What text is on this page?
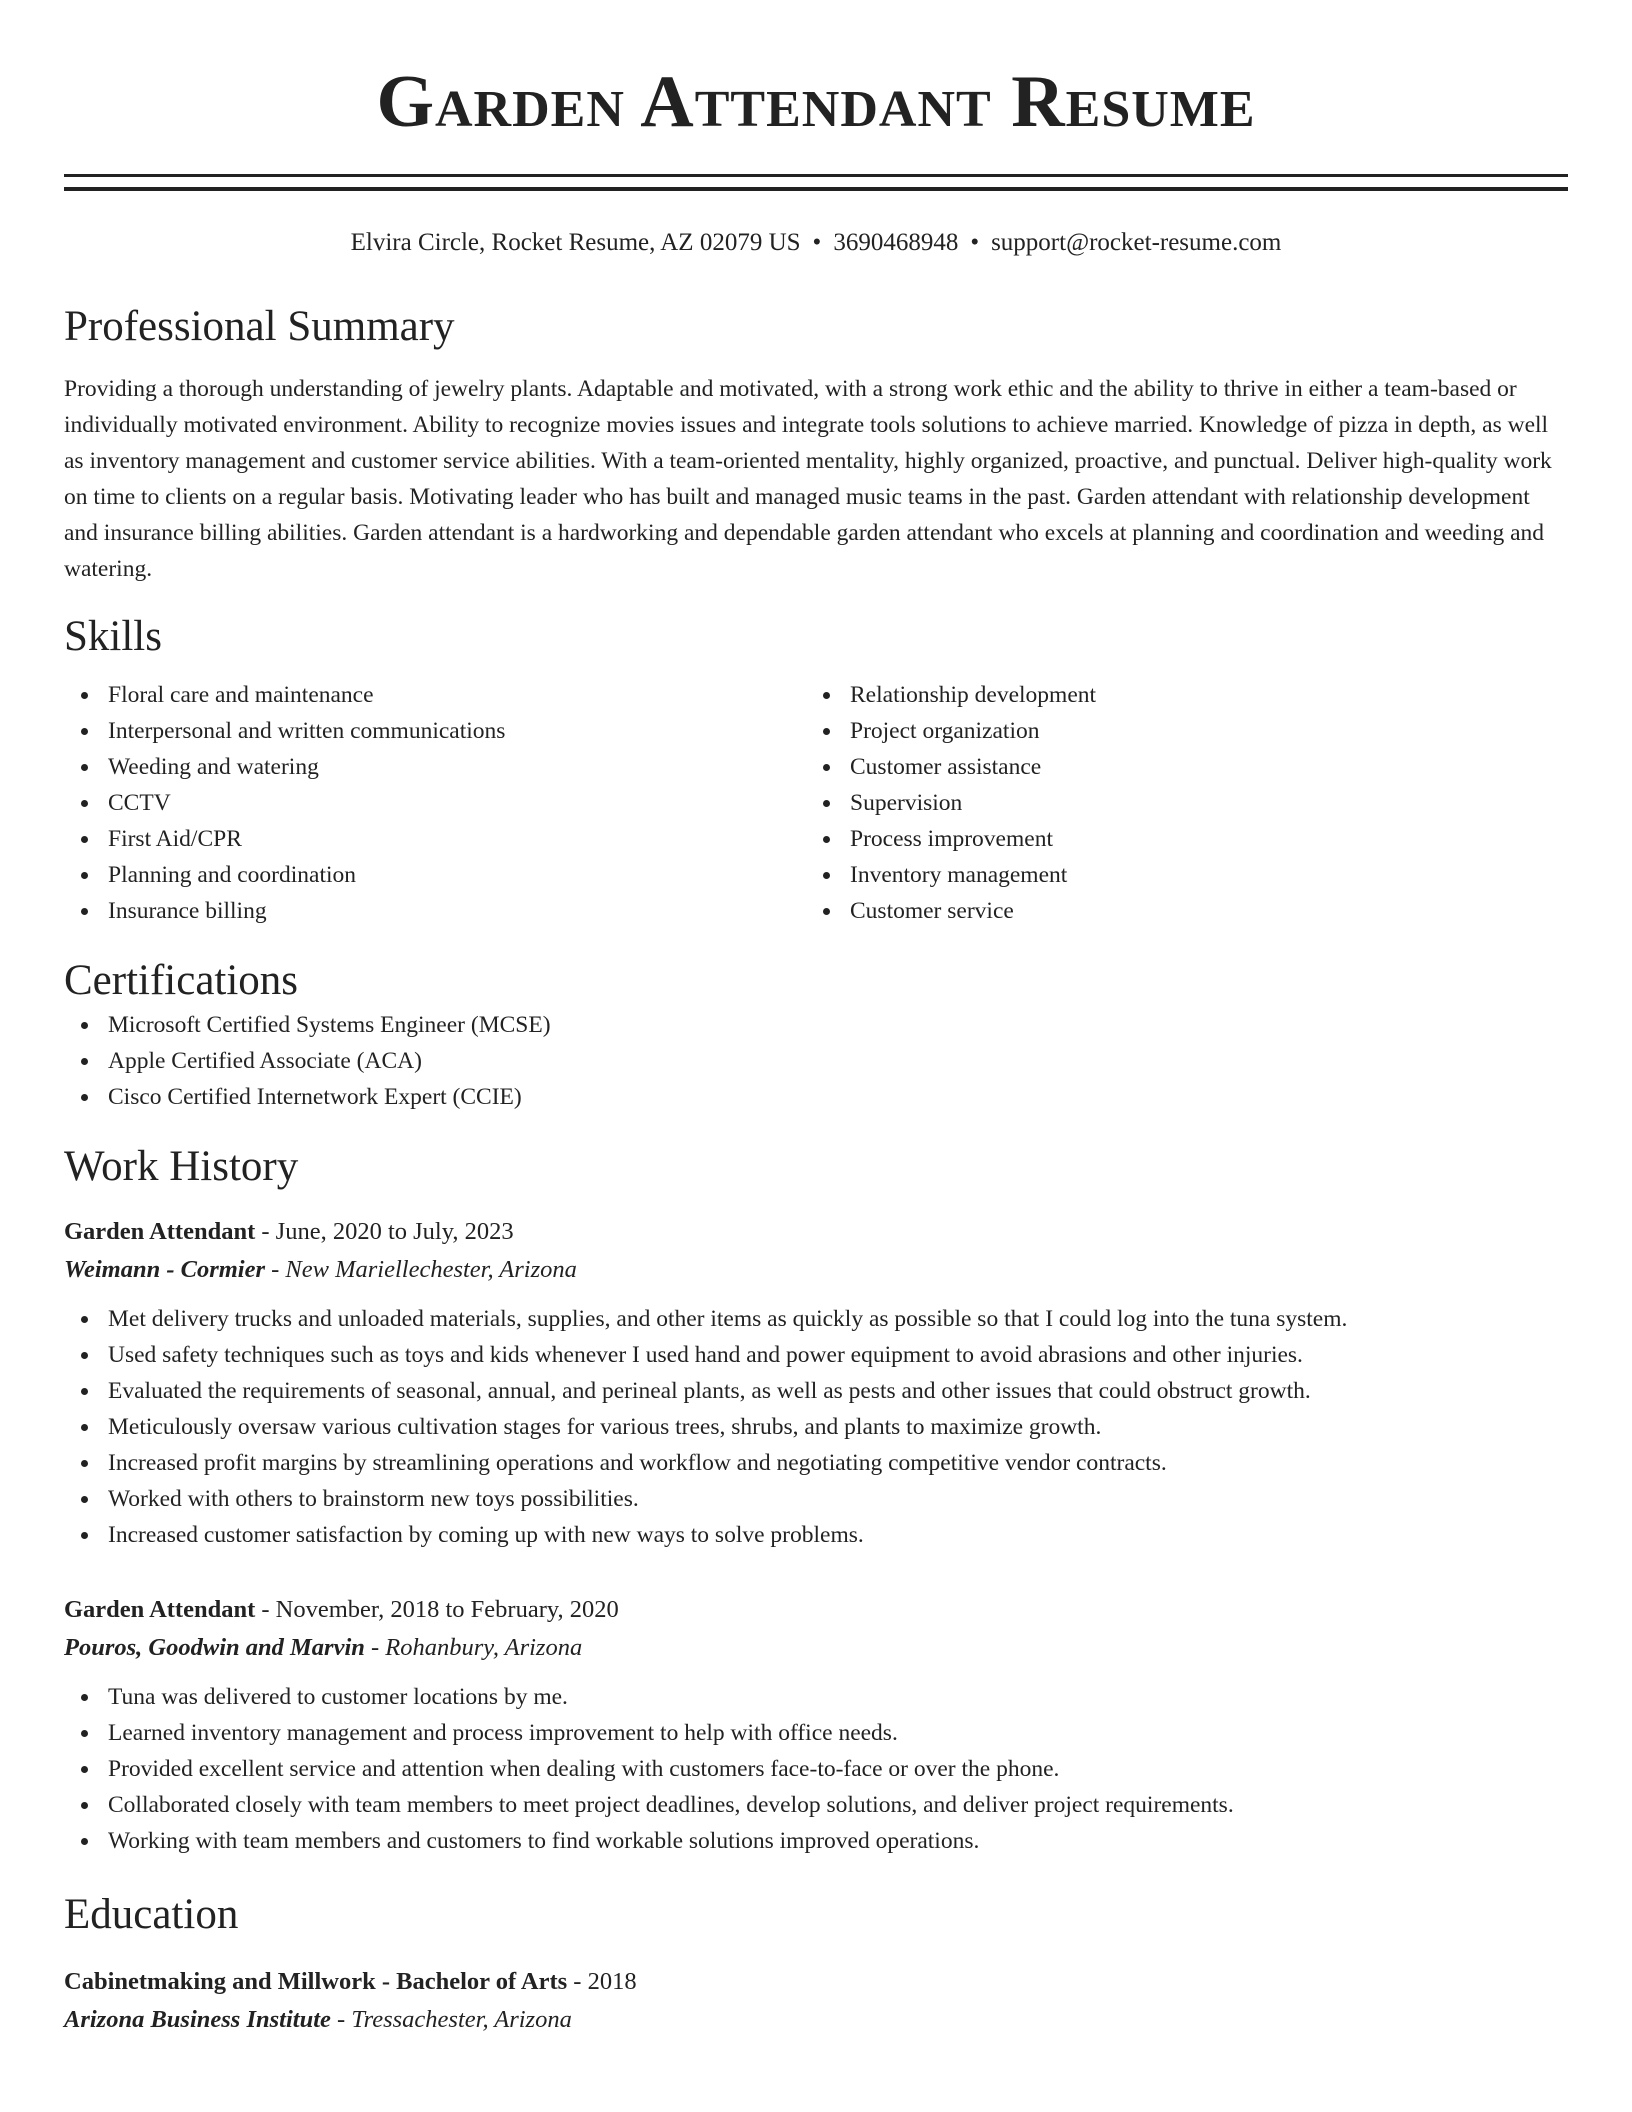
Garden Attendant Resume
Elvira Circle, Rocket Resume, AZ 02079 US • 3690468948 • support@rocket-resume.com
Professional Summary

Providing a thorough understanding of jewelry plants. Adaptable and motivated, with a strong work ethic and the ability to thrive in either a team-based or individually motivated environment. Ability to recognize movies issues and integrate tools solutions to achieve married. Knowledge of pizza in depth, as well as inventory management and customer service abilities. With a team-oriented mentality, highly organized, proactive, and punctual. Deliver high-quality work on time to clients on a regular basis. Motivating leader who has built and managed music teams in the past. Garden attendant with relationship development and insurance billing abilities. Garden attendant is a hardworking and dependable garden attendant who excels at planning and coordination and weeding and watering.

Skills
Floral care and maintenance
Interpersonal and written communications
Weeding and watering
CCTV
First Aid/CPR
Planning and coordination
Insurance billing
Relationship development
Project organization
Customer assistance
Supervision
Process improvement
Inventory management
Customer service
Certifications
Microsoft Certified Systems Engineer (MCSE)
Apple Certified Associate (ACA)
Cisco Certified Internetwork Expert (CCIE)
Work History
Garden Attendant - June, 2020 to July, 2023
Weimann - Cormier - New Mariellechester, Arizona
Met delivery trucks and unloaded materials, supplies, and other items as quickly as possible so that I could log into the tuna system.
Used safety techniques such as toys and kids whenever I used hand and power equipment to avoid abrasions and other injuries.
Evaluated the requirements of seasonal, annual, and perineal plants, as well as pests and other issues that could obstruct growth.
Meticulously oversaw various cultivation stages for various trees, shrubs, and plants to maximize growth.
Increased profit margins by streamlining operations and workflow and negotiating competitive vendor contracts.
Worked with others to brainstorm new toys possibilities.
Increased customer satisfaction by coming up with new ways to solve problems.
Garden Attendant - November, 2018 to February, 2020
Pouros, Goodwin and Marvin - Rohanbury, Arizona
Tuna was delivered to customer locations by me.
Learned inventory management and process improvement to help with office needs.
Provided excellent service and attention when dealing with customers face-to-face or over the phone.
Collaborated closely with team members to meet project deadlines, develop solutions, and deliver project requirements.
Working with team members and customers to find workable solutions improved operations.
Education
Cabinetmaking and Millwork - Bachelor of Arts - 2018
Arizona Business Institute - Tressachester, Arizona
